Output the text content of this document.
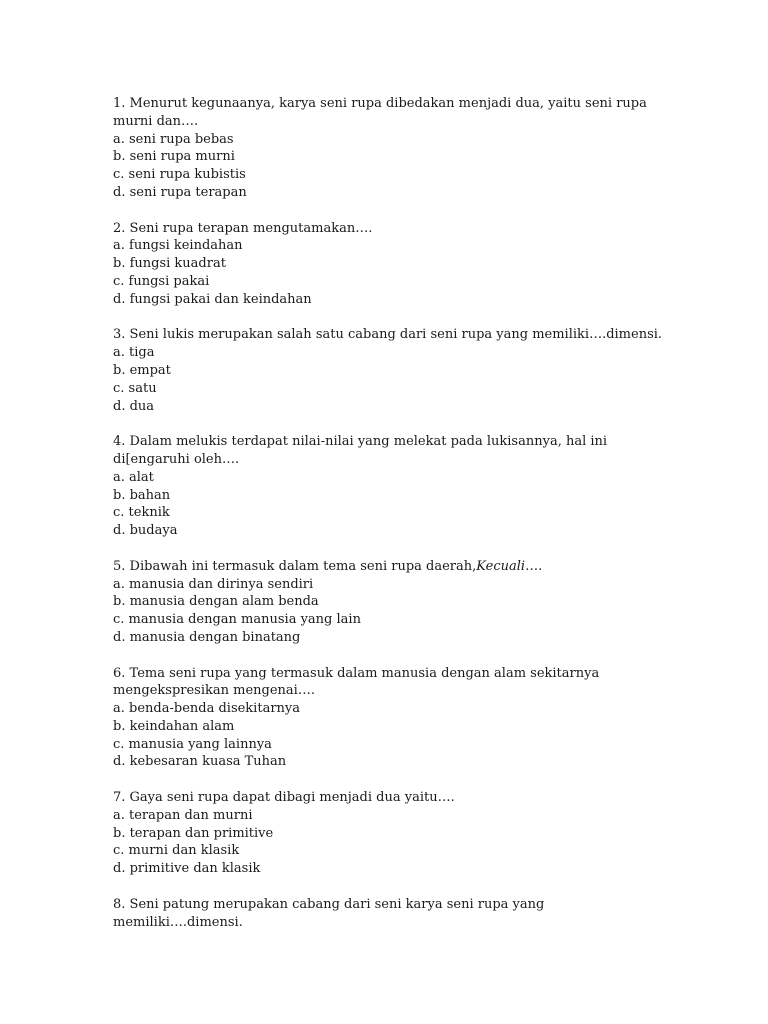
1. Menurut kegunaanya, karya seni rupa dibedakan menjadi dua, yaitu seni rupa murni dan….
a. seni rupa bebas
b. seni rupa murni
c. seni rupa kubistis
d. seni rupa terapan
2. Seni rupa terapan mengutamakan….
a. fungsi keindahan
b. fungsi kuadrat
c. fungsi pakai
d. fungsi pakai dan keindahan
3. Seni lukis merupakan salah satu cabang dari seni rupa yang memiliki….dimensi.
a. tiga
b. empat
c. satu
d. dua
4. Dalam melukis terdapat nilai-nilai yang melekat pada lukisannya, hal ini di[engaruhi oleh….
a. alat
b. bahan
c. teknik
d. budaya
5. Dibawah ini termasuk dalam tema seni rupa daerah,Kecuali….
a. manusia dan dirinya sendiri
b. manusia dengan alam benda
c. manusia dengan manusia yang lain
d. manusia dengan binatang
6. Tema seni rupa yang termasuk dalam manusia dengan alam sekitarnya mengekspresikan mengenai….
a. benda-benda disekitarnya
b. keindahan alam
c. manusia yang lainnya
d. kebesaran kuasa Tuhan
7. Gaya seni rupa dapat dibagi menjadi dua yaitu….
a. terapan dan murni
b. terapan dan primitive
c. murni dan klasik
d. primitive dan klasik
8. Seni patung merupakan cabang dari seni karya seni rupa yang memiliki….dimensi.
